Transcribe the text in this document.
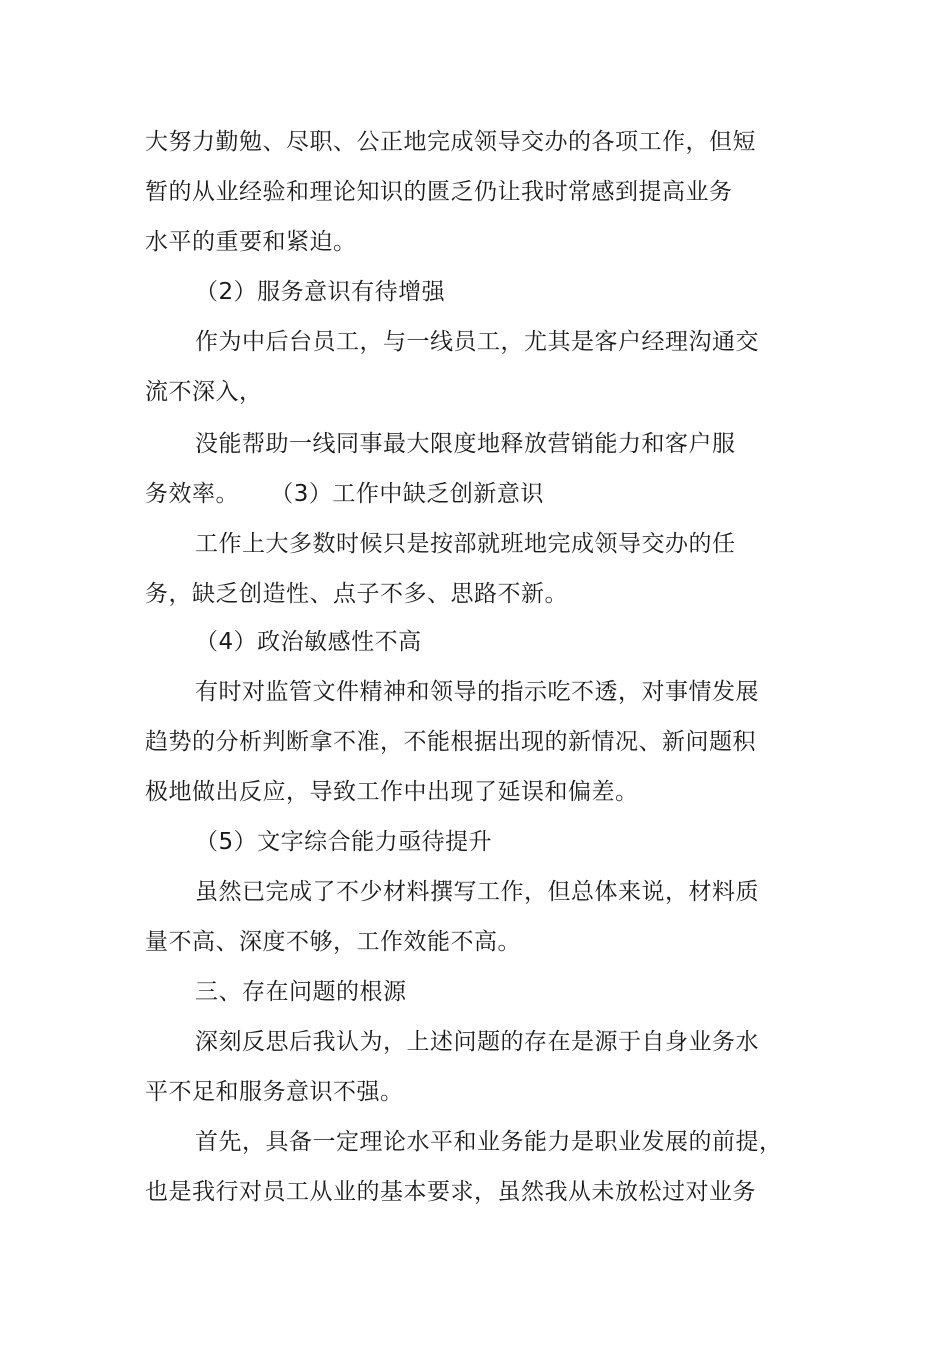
大努力勤勉、尽职、公正地完成领导交办的各项工作，但短
暂的从业经验和理论知识的匮乏仍让我时常感到提高业务
水平的重要和紧迫。
（2）服务意识有待增强
作为中后台员工，与一线员工，尤其是客户经理沟通交
流不深入，
没能帮助一线同事最大限度地释放营销能力和客户服
务效率。    （3）工作中缺乏创新意识
工作上大多数时候只是按部就班地完成领导交办的任
务，缺乏创造性、点子不多、思路不新。
（4）政治敏感性不高
有时对监管文件精神和领导的指示吃不透，对事情发展
趋势的分析判断拿不准，不能根据出现的新情况、新问题积
极地做出反应，导致工作中出现了延误和偏差。
（5）文字综合能力亟待提升
虽然已完成了不少材料撰写工作，但总体来说，材料质
量不高、深度不够，工作效能不高。
三、存在问题的根源
深刻反思后我认为，上述问题的存在是源于自身业务水
平不足和服务意识不强。
首先，具备一定理论水平和业务能力是职业发展的前提，
也是我行对员工从业的基本要求，虽然我从未放松过对业务
